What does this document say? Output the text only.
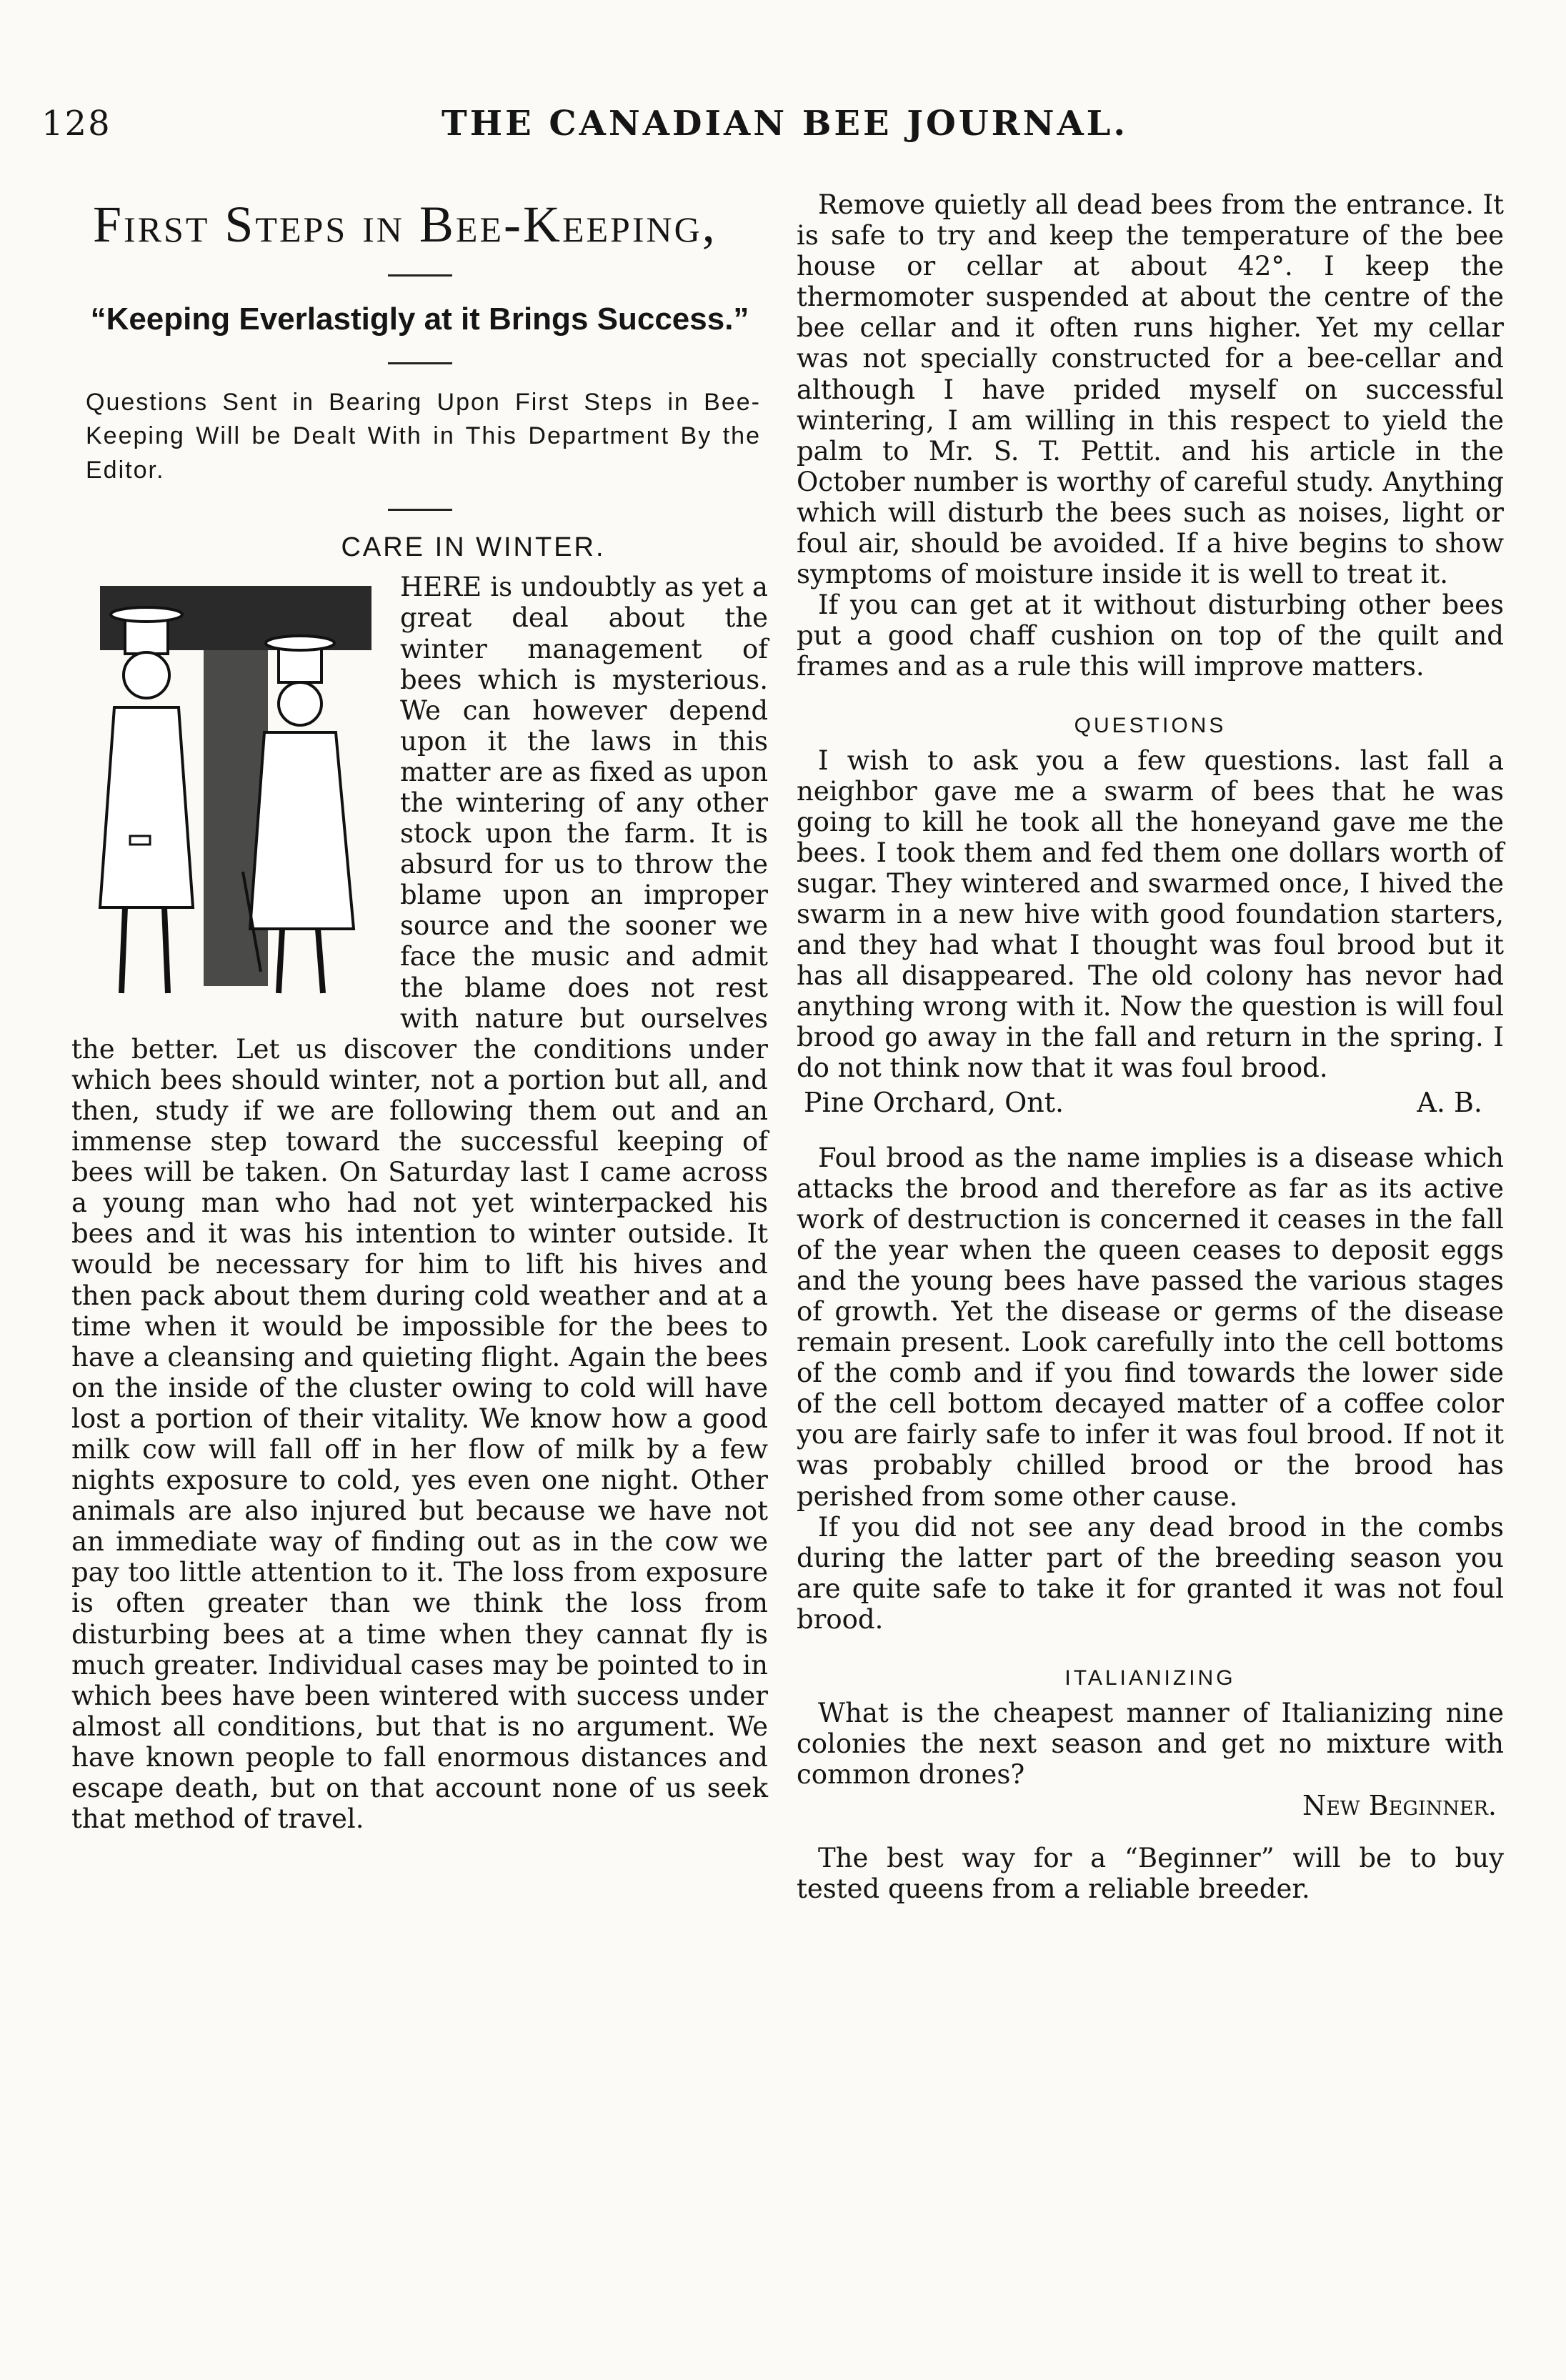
128	THE CANADIAN BEE JOURNAL.
First Steps in Bee-Keeping,
“Keeping Everlastigly at it Brings Success.”
Questions Sent in Bearing Upon First Steps in Bee-Keeping Will be Dealt With in This Department By the Editor.
CARE IN WINTER.

HERE is undoubtly as yet a great deal about the winter management of bees which is mysterious. We can however depend upon it the laws in this matter are as fixed as upon the wintering of any other stock upon the farm. It is absurd for us to throw the blame upon an improper source and the sooner we face the music and admit the blame does not rest with nature but ourselves the better. Let us discover the conditions under which bees should winter, not a portion but all, and then, study if we are following them out and an immense step toward the successful keeping of bees will be taken. On Saturday last I came across a young man who had not yet winterpacked his bees and it was his intention to winter outside. It would be necessary for him to lift his hives and then pack about them during cold weather and at a time when it would be impossible for the bees to have a cleansing and quieting flight. Again the bees on the inside of the cluster owing to cold will have lost a portion of their vitality. We know how a good milk cow will fall off in her flow of milk by a few nights exposure to cold, yes even one night. Other animals are also injured but because we have not an immediate way of finding out as in the cow we pay too little attention to it. The loss from exposure is often greater than we think the loss from disturbing bees at a time when they cannat fly is much greater. Individual cases may be pointed to in which bees have been wintered with success under almost all conditions, but that is no argument. We have known people to fall enormous distances and escape death, but on that account none of us seek that method of travel.

Remove quietly all dead bees from the entrance. It is safe to try and keep the temperature of the bee house or cellar at about 42°. I keep the thermomoter suspended at about the centre of the bee cellar and it often runs higher. Yet my cellar was not specially constructed for a bee-cellar and although I have prided myself on successful wintering, I am willing in this respect to yield the palm to Mr. S. T. Pettit. and his article in the October number is worthy of careful study. Anything which will disturb the bees such as noises, light or foul air, should be avoided. If a hive begins to show symptoms of moisture inside it is well to treat it.

If you can get at it without disturbing other bees put a good chaff cushion on top of the quilt and frames and as a rule this will improve matters.

QUESTIONS

I wish to ask you a few questions. last fall a neighbor gave me a swarm of bees that he was going to kill he took all the honeyand gave me the bees. I took them and fed them one dollars worth of sugar. They wintered and swarmed once, I hived the swarm in a new hive with good foundation starters, and they had what I thought was foul brood but it has all disappeared. The old colony has nevor had anything wrong with it. Now the question is will foul brood go away in the fall and return in the spring. I do not think now that it was foul brood.

Pine Orchard, Ont.	A. B.

Foul brood as the name implies is a disease which attacks the brood and therefore as far as its active work of destruction is concerned it ceases in the fall of the year when the queen ceases to deposit eggs and the young bees have passed the various stages of growth. Yet the disease or germs of the disease remain present. Look carefully into the cell bottoms of the comb and if you find towards the lower side of the cell bottom decayed matter of a coffee color you are fairly safe to infer it was foul brood. If not it was probably chilled brood or the brood has perished from some other cause.

If you did not see any dead brood in the combs during the latter part of the breeding season you are quite safe to take it for granted it was not foul brood.

ITALIANIZING

What is the cheapest manner of Italianizing nine colonies the next season and get no mixture with common drones?

New Beginner.

The best way for a “Beginner” will be to buy tested queens from a reliable breeder.
